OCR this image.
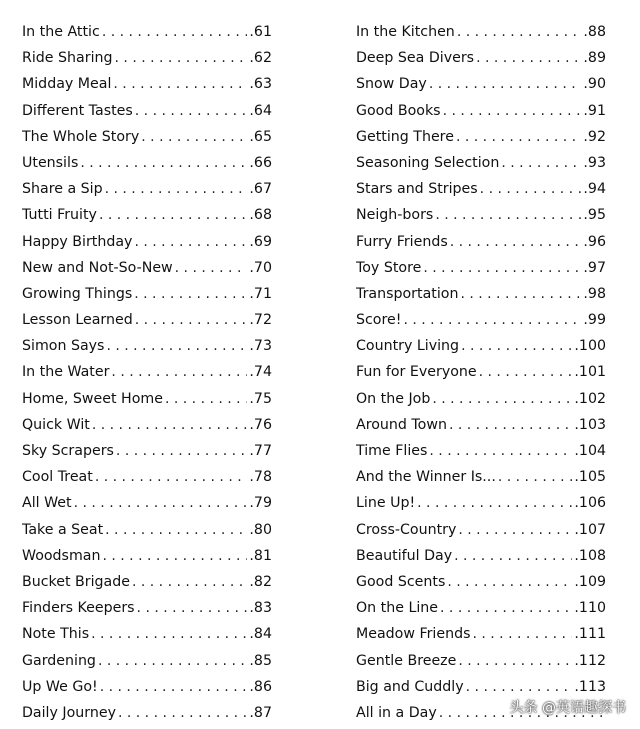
In the Attic . . .	.61
Ride Sharing . . .	.62
Midday Meal . . .	.63
Different Tastes . . .	.64
The Whole Story . . .	.65
Utensils . . .	.66
Share a Sip . . .	.67
Tutti Fruity . . .	.68
Happy Birthday . . .	.69
New and Not-So-New . . .	.70
Growing Things . . .	.71
Lesson Learned . . .	.72
Simon Says . . .	.73
In the Water . . .	.74
Home, Sweet Home . . .	.75
Quick Wit . . .	.76
Sky Scrapers . . .	.77
Cool Treat . . .	.78
All Wet . . .	.79
Take a Seat . . .	.80
Woodsman . . .	.81
Bucket Brigade . . .	.82
Finders Keepers . . .	.83
Note This . . .	.84
Gardening . . .	.85
Up We Go! . . .	.86
Daily Journey . . .	.87
In the Kitchen . . .	.88
Deep Sea Divers . . .	.89
Snow Day . . .	.90
Good Books . . .	.91
Getting There . . .	.92
Seasoning Selection . . .	.93
Stars and Stripes . . .	.94
Neigh-bors . . .	.95
Furry Friends . . .	.96
Toy Store . . .	.97
Transportation . . .	.98
Score! . . .	.99
Country Living . . .	.100
Fun for Everyone . . .	.101
On the Job . . .	.102
Around Town . . .	.103
Time Flies . . .	.104
And the Winner Is... . . .	.105
Line Up! . . .	.106
Cross-Country . . .	.107
Beautiful Day . . .	.108
Good Scents . . .	.109
On the Line . . .	.110
Meadow Friends . . .	.111
Gentle Breeze . . .	.112
Big and Cuddly . . .	.113
All in a Day . . .	头条 @英语趣探书
